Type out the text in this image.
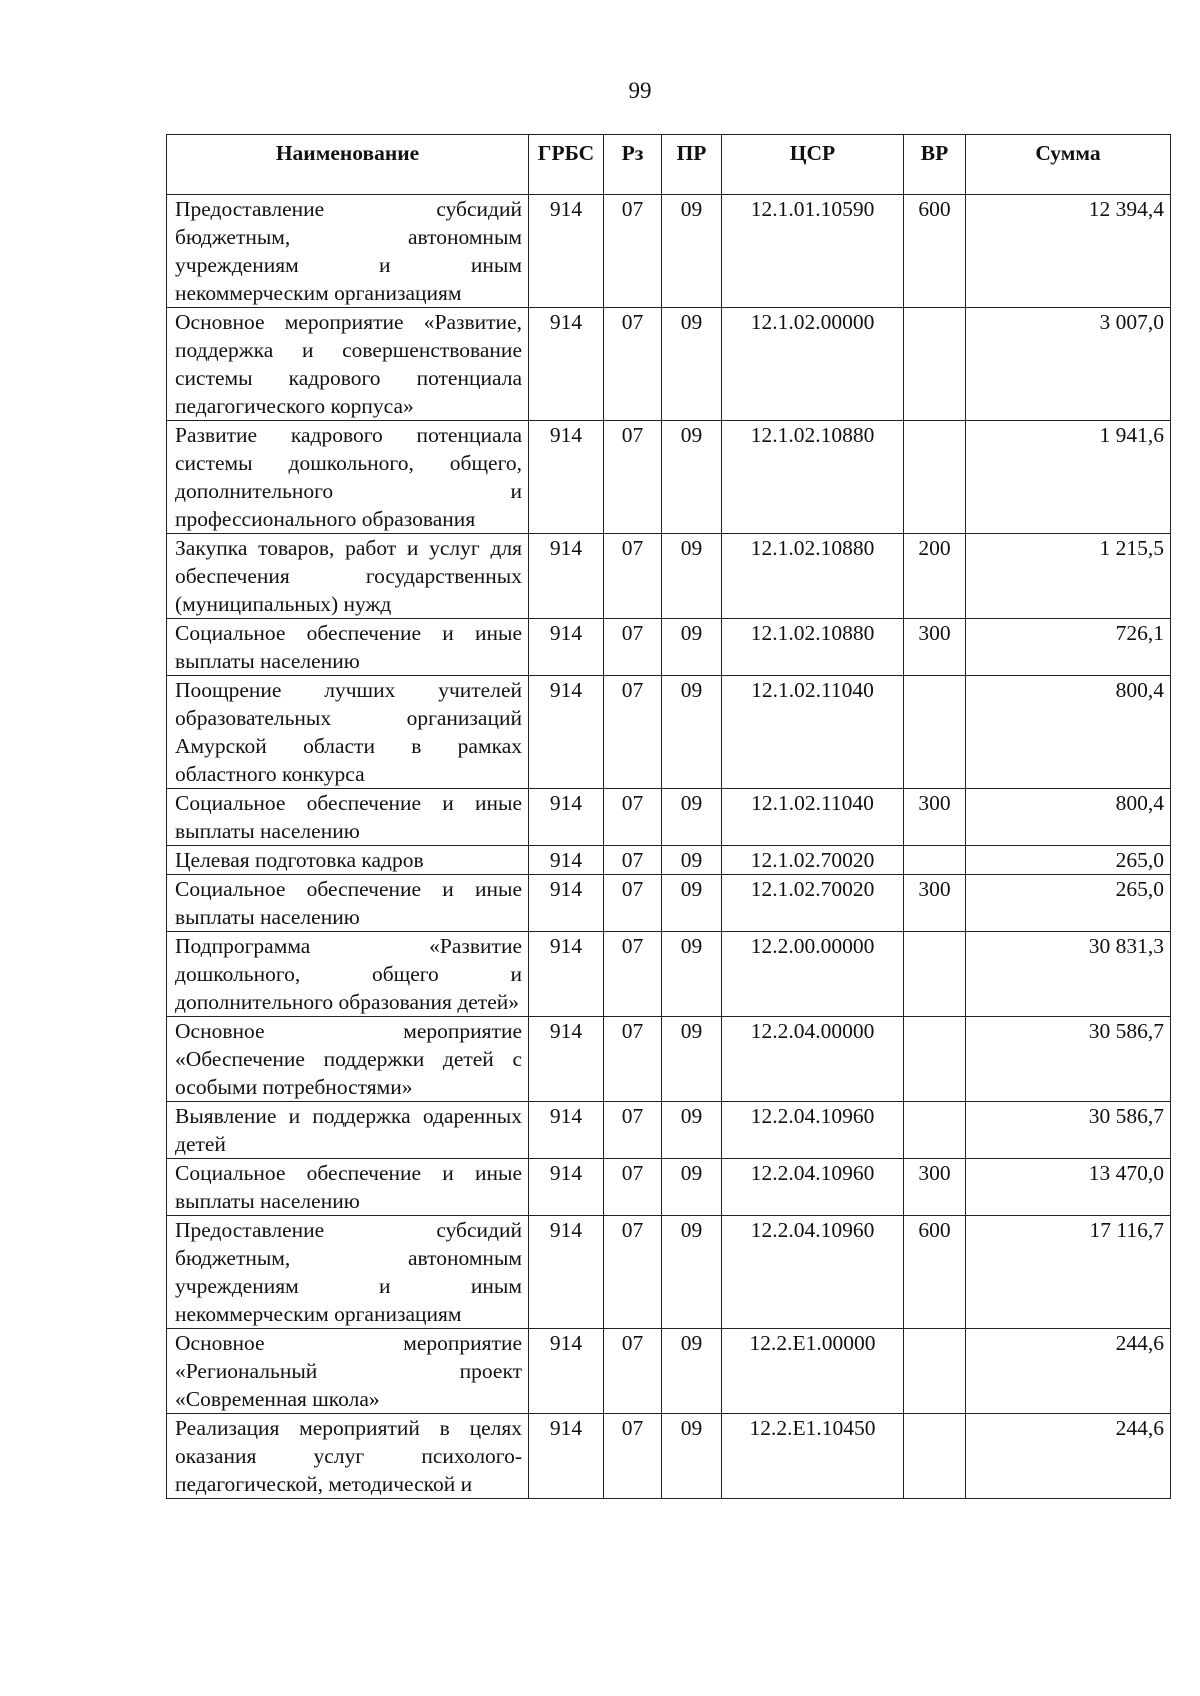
99
Наименование	ГРБС	Рз	ПР	ЦСР	ВР	Сумма
Предоставление субсидий бюджетным, автономным учреждениям и иным некоммерческим организациям	914	07	09	12.1.01.10590	600	12 394,4
Основное мероприятие «Развитие, поддержка и совершенствование системы кадрового потенциала педагогического корпуса»	914	07	09	12.1.02.00000		3 007,0
Развитие кадрового потенциала системы дошкольного, общего, дополнительного и профессионального образования	914	07	09	12.1.02.10880		1 941,6
Закупка товаров, работ и услуг для обеспечения государственных (муниципальных) нужд	914	07	09	12.1.02.10880	200	1 215,5
Социальное обеспечение и иные выплаты населению	914	07	09	12.1.02.10880	300	726,1
Поощрение лучших учителей образовательных организаций Амурской области в рамках областного конкурса	914	07	09	12.1.02.11040		800,4
Социальное обеспечение и иные выплаты населению	914	07	09	12.1.02.11040	300	800,4
Целевая подготовка кадров	914	07	09	12.1.02.70020		265,0
Социальное обеспечение и иные выплаты населению	914	07	09	12.1.02.70020	300	265,0
Подпрограмма «Развитие дошкольного, общего и дополнительного образования детей»	914	07	09	12.2.00.00000		30 831,3
Основное мероприятие «Обеспечение поддержки детей с особыми потребностями»	914	07	09	12.2.04.00000		30 586,7
Выявление и поддержка одаренных детей	914	07	09	12.2.04.10960		30 586,7
Социальное обеспечение и иные выплаты населению	914	07	09	12.2.04.10960	300	13 470,0
Предоставление субсидий бюджетным, автономным учреждениям и иным некоммерческим организациям	914	07	09	12.2.04.10960	600	17 116,7
Основное мероприятие «Региональный проект «Современная школа»	914	07	09	12.2.E1.00000		244,6
Реализация мероприятий в целях оказания услуг психолого-педагогической, методической и	914	07	09	12.2.E1.10450		244,6
